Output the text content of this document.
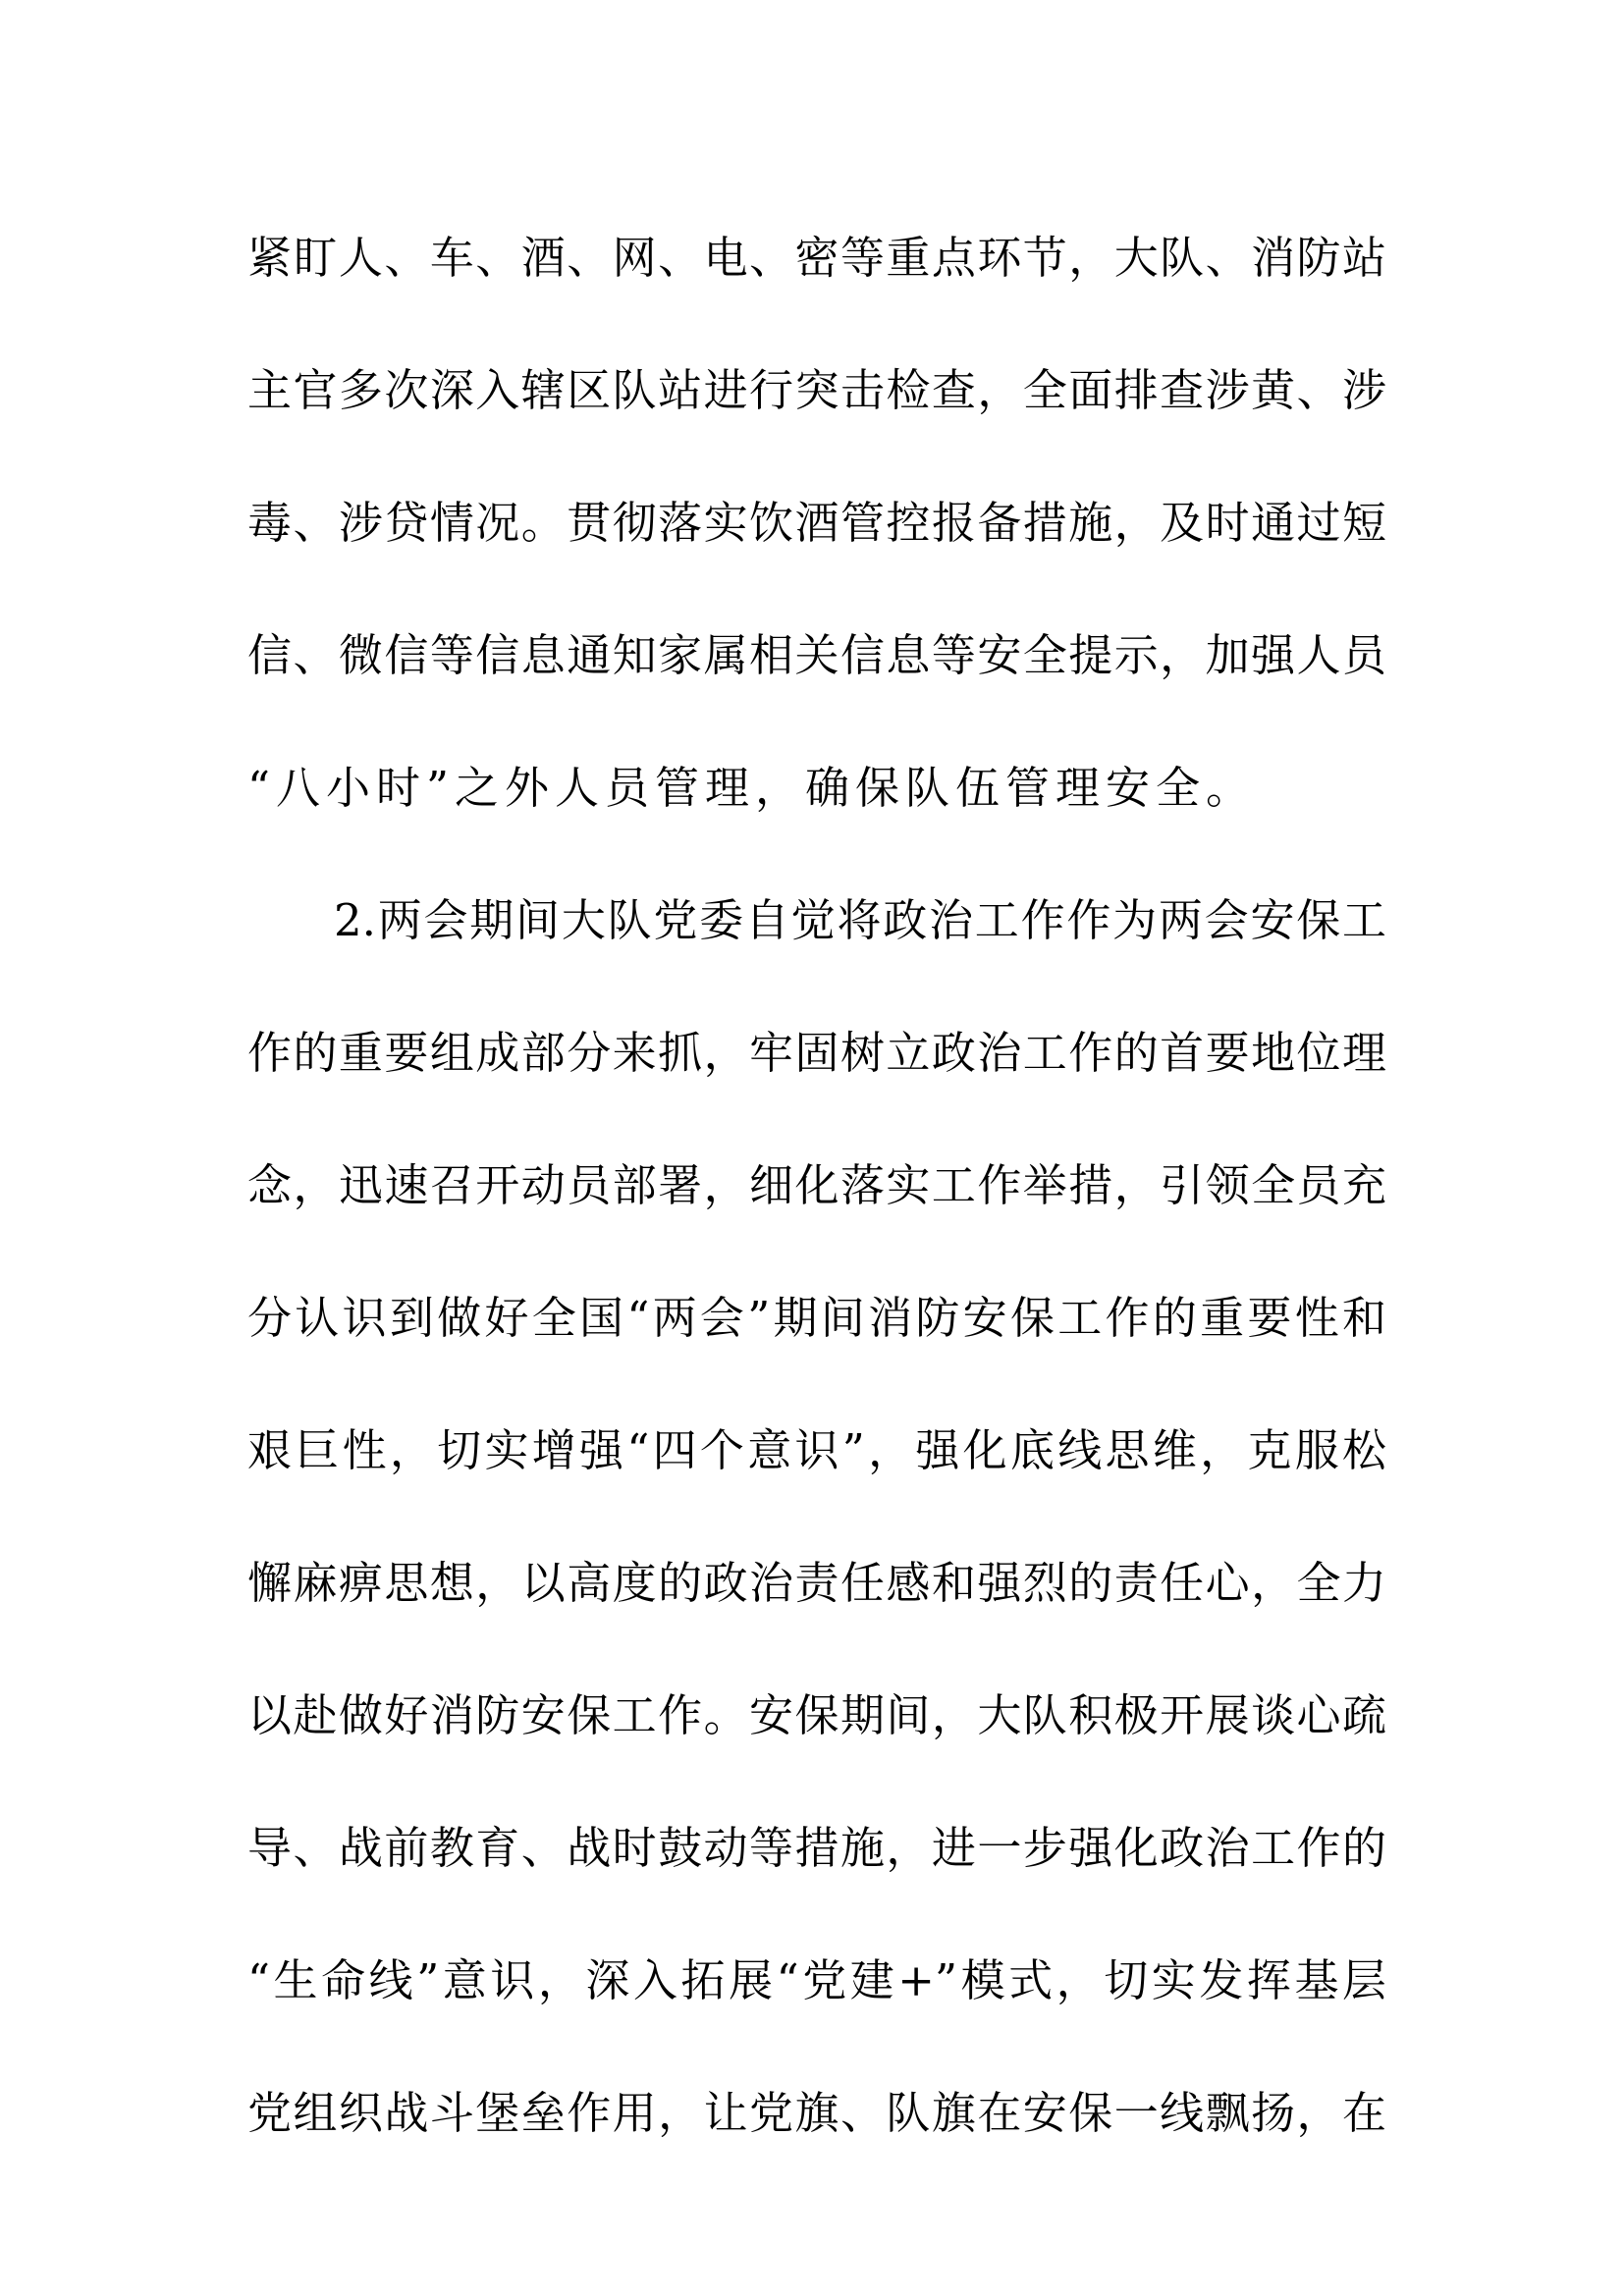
紧盯人、车、酒、网、电、密等重点环节，大队、消防站
主官多次深入辖区队站进行突击检查，全面排查涉黄、涉
毒、涉贷情况。贯彻落实饮酒管控报备措施，及时通过短
信、微信等信息通知家属相关信息等安全提示，加强人员
“八小时”之外人员管理，确保队伍管理安全。
2.两会期间大队党委自觉将政治工作作为两会安保工
作的重要组成部分来抓，牢固树立政治工作的首要地位理
念，迅速召开动员部署，细化落实工作举措，引领全员充
分认识到做好全国“两会”期间消防安保工作的重要性和
艰巨性，切实增强“四个意识”，强化底线思维，克服松
懈麻痹思想，以高度的政治责任感和强烈的责任心，全力
以赴做好消防安保工作。安保期间，大队积极开展谈心疏
导、战前教育、战时鼓动等措施，进一步强化政治工作的
“生命线”意识，深入拓展“党建+”模式，切实发挥基层
党组织战斗堡垒作用，让党旗、队旗在安保一线飘扬，在
